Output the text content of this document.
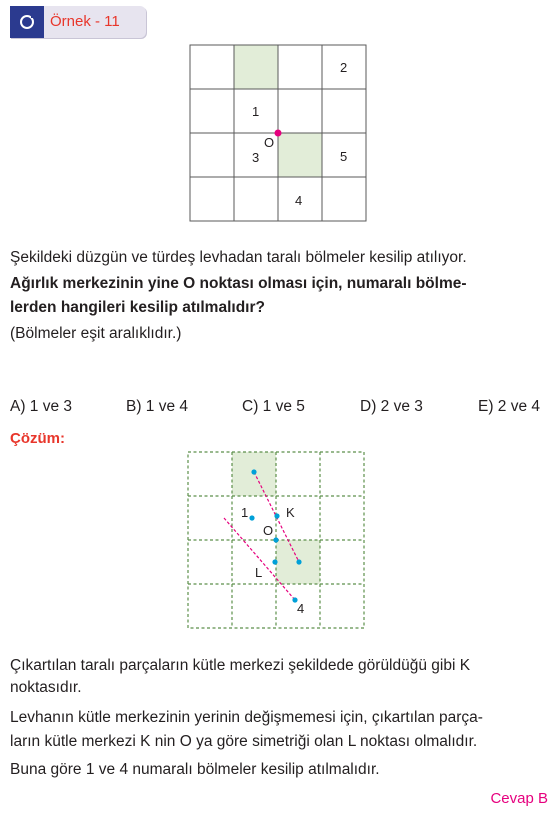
Örnek - 11
2
1
O
3	5
4
Şekildeki düzgün ve türdeş levhadan taralı bölmeler kesilip atılıyor.
Ağırlık merkezinin yine O noktası olması için, numaralı bölme-
lerden hangileri kesilip atılmalıdır?
(Bölmeler eşit aralıklıdır.)
A) 1 ve 3	B) 1 ve 4	C) 1 ve 5	D) 2 ve 3	E) 2 ve 4
Çözüm:
1	K
O
L
4
Çıkartılan taralı parçaların kütle merkezi şekildede görüldüğü gibi K
noktasıdır.
Levhanın kütle merkezinin yerinin değişmemesi için, çıkartılan parça-
ların kütle merkezi K nin O ya göre simetriği olan L noktası olmalıdır.
Buna göre 1 ve 4 numaralı bölmeler kesilip atılmalıdır.
Cevap B
